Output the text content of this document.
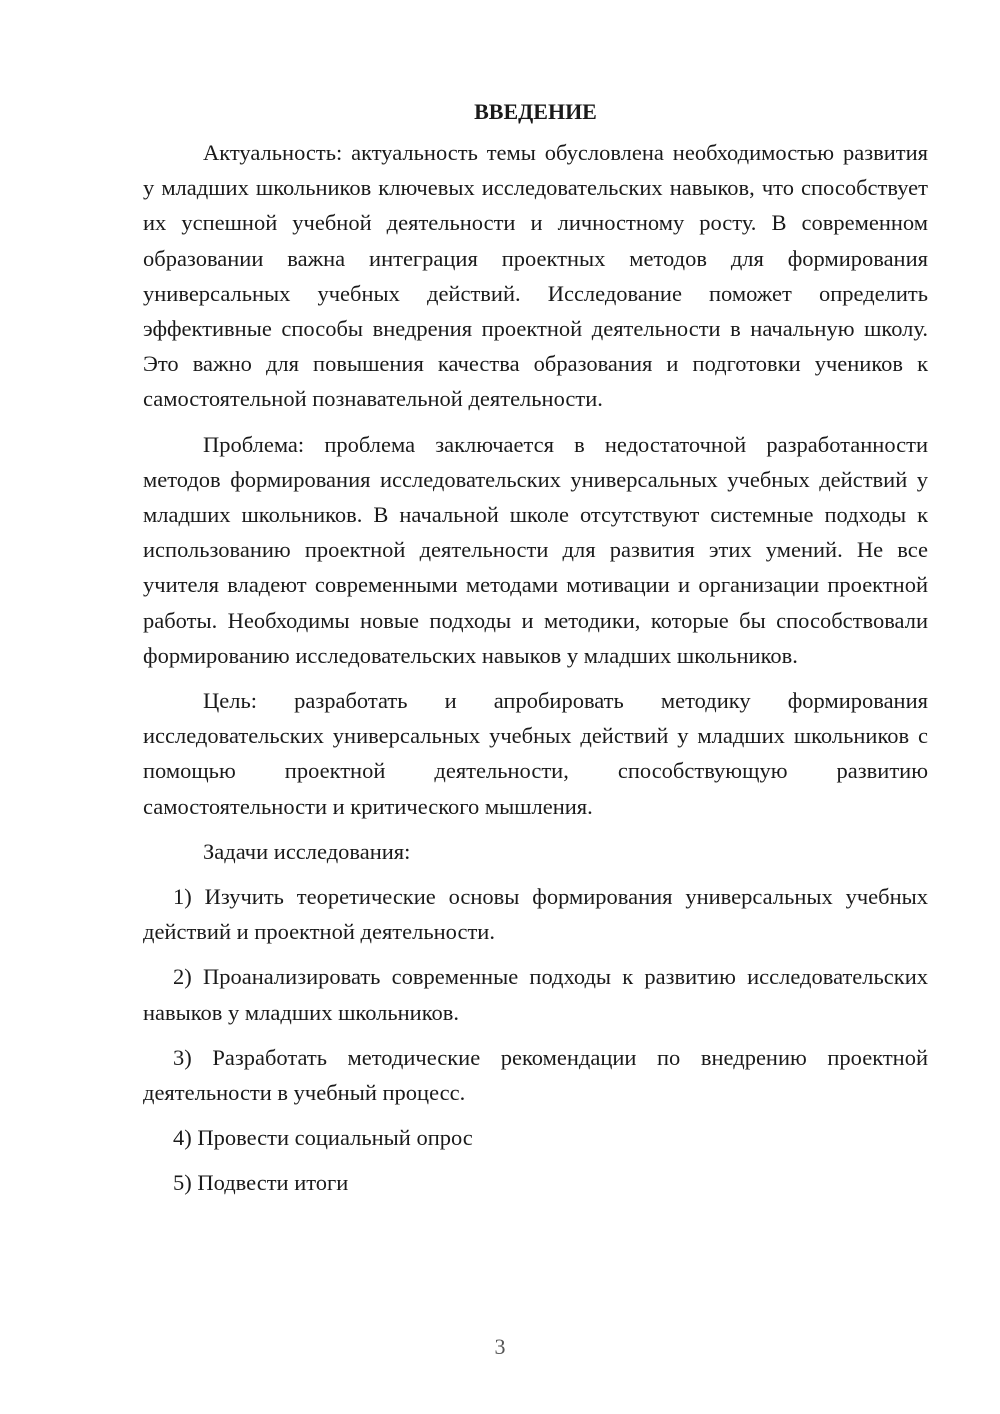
ВВЕДЕНИЕ

Актуальность: актуальность темы обусловлена необходимостью развития у младших школьников ключевых исследовательских навыков, что способствует их успешной учебной деятельности и личностному росту. В современном образовании важна интеграция проектных методов для формирования универсальных учебных действий. Исследование поможет определить эффективные способы внедрения проектной деятельности в начальную школу. Это важно для повышения качества образования и подготовки учеников к самостоятельной познавательной деятельности.

Проблема: проблема заключается в недостаточной разработанности методов формирования исследовательских универсальных учебных действий у младших школьников. В начальной школе отсутствуют системные подходы к использованию проектной деятельности для развития этих умений. Не все учителя владеют современными методами мотивации и организации проектной работы. Необходимы новые подходы и методики, которые бы способствовали формированию исследовательских навыков у младших школьников.

Цель: разработать и апробировать методику формирования исследовательских универсальных учебных действий у младших школьников с помощью проектной деятельности, способствующую развитию самостоятельности и критического мышления.

Задачи исследования:

1) Изучить теоретические основы формирования универсальных учебных действий и проектной деятельности.

2) Проанализировать современные подходы к развитию исследовательских навыков у младших школьников.

3) Разработать методические рекомендации по внедрению проектной деятельности в учебный процесс.

4) Провести социальный опрос

5) Подвести итоги

3
